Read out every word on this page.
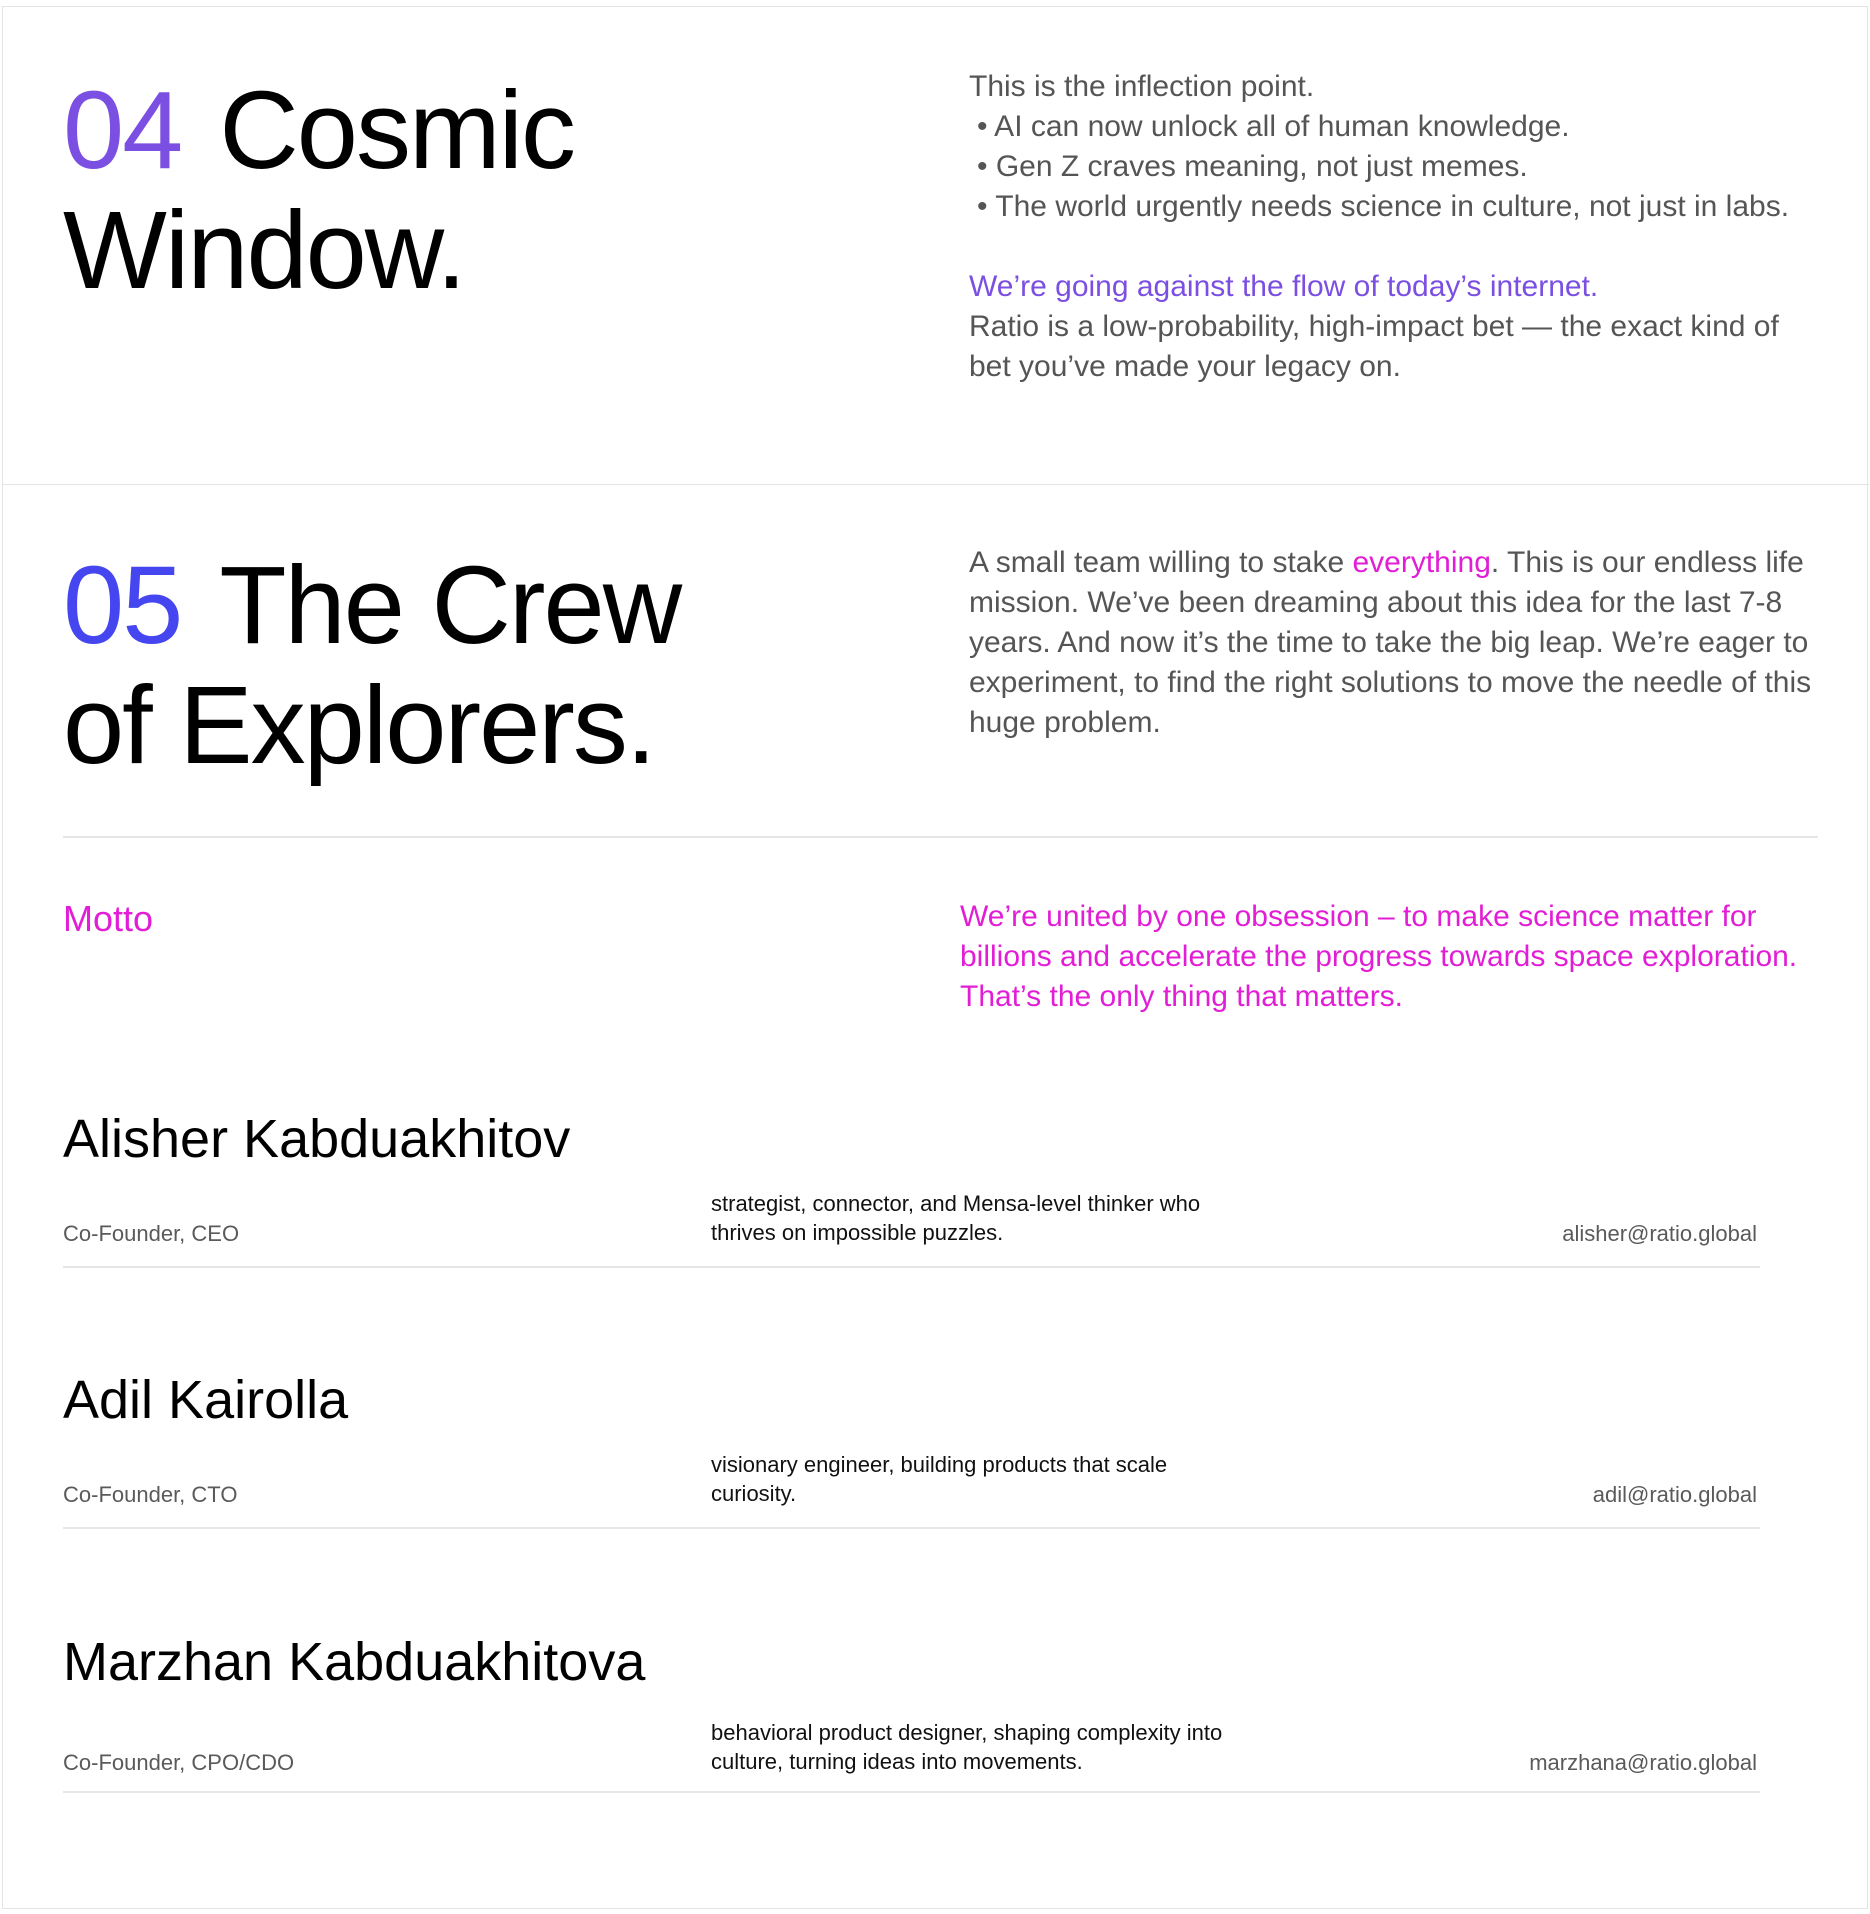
04 Cosmic
Window.

This is the inflection point.

• AI can now unlock all of human knowledge.

• Gen Z craves meaning, not just memes.

• The world urgently needs science in culture, not just in labs.

We’re going against the flow of today’s internet.

Ratio is a low-probability, high-impact bet — the exact kind of bet you’ve made your legacy on.

05 The Crew
of Explorers.

A small team willing to stake everything. This is our endless life mission. We’ve been dreaming about this idea for the last 7-8 years. And now it’s the time to take the big leap. We’re eager to experiment, to find the right solutions to move the needle of this huge problem.

Motto	We’re united by one obsession – to make science matter for billions and accelerate the progress towards space exploration. That’s the only thing that matters.

Alisher Kabduakhitov
Co-Founder, CEO
strategist, connector, and Mensa-level thinker who thrives on impossible puzzles.	alisher@ratio.global
Adil Kairolla
Co-Founder, CTO
visionary engineer, building products that scale curiosity.	adil@ratio.global
Marzhan Kabduakhitova
Co-Founder, CPO/CDO
behavioral product designer, shaping complexity into culture, turning ideas into movements.	marzhana@ratio.global
